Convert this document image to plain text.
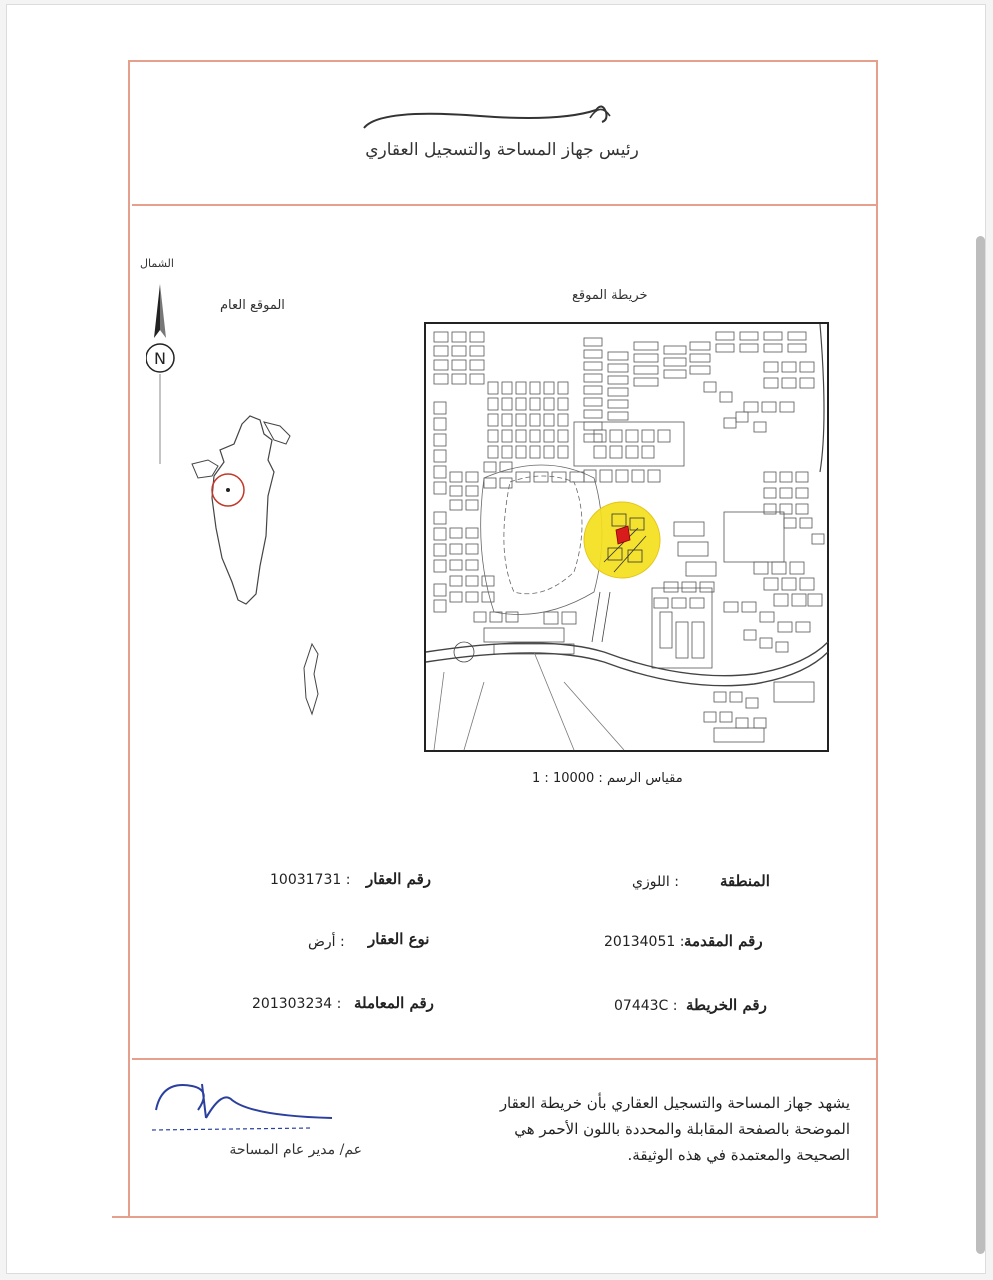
رئيس جهاز المساحة والتسجيل العقاري
خريطة الموقع
الموقع العام
الشمال
N
مقياس الرسم : 10000 : 1
المنطقة
: اللوزي
رقم العقار
: 10031731
رقم المقدمة
: 20134051
نوع العقار
: أرض
رقم الخريطة
: 07443C
رقم المعاملة
: 201303234
يشهد جهاز المساحة والتسجيل العقاري بأن خريطة العقار الموضحة بالصفحة المقابلة والمحددة باللون الأحمر هي الصحيحة والمعتمدة في هذه الوثيقة.
عم/ مدير عام المساحة
